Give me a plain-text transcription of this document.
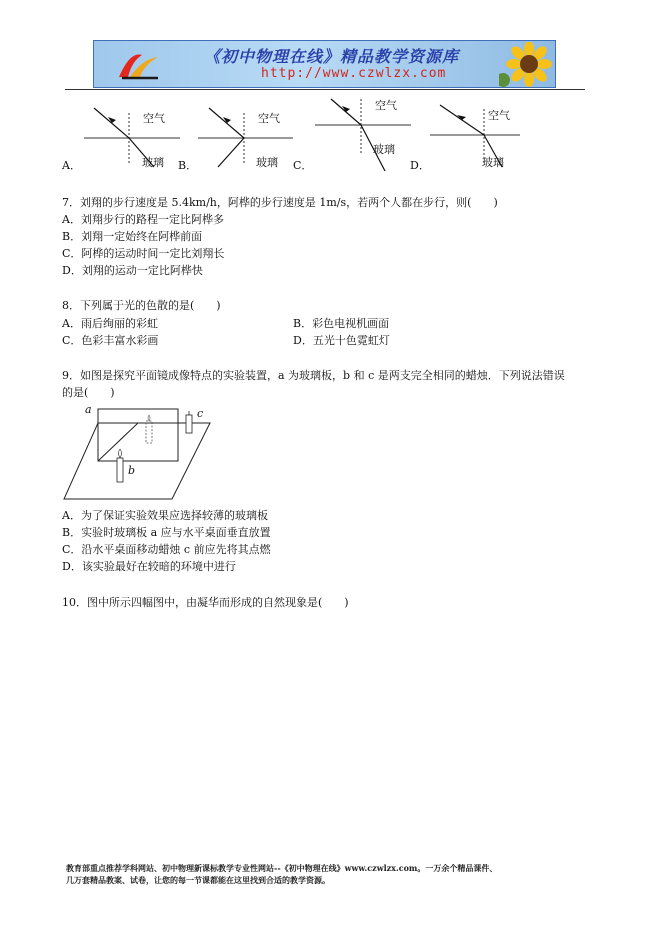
《初中物理在线》精品教学资源库
http://www.czwlzx.com
空气
玻璃
A．
空气
玻璃
B．
空气
玻璃
C．
空气
玻璃
D．
7．刘翔的步行速度是 5.4km/h，阿桦的步行速度是 1m/s，若两个人都在步行，则(　　)
A．刘翔步行的路程一定比阿桦多
B．刘翔一定始终在阿桦前面
C．阿桦的运动时间一定比刘翔长
D．刘翔的运动一定比阿桦快
8．下列属于光的色散的是(　　)
A．雨后绚丽的彩虹	B．彩色电视机画面
C．色彩丰富水彩画	D．五光十色霓虹灯
9．如图是探究平面镜成像特点的实验装置，a 为玻璃板，b 和 c 是两支完全相同的蜡烛．下列说法错误
的是(　　)
a
b
c
A．为了保证实验效果应选择较薄的玻璃板
B．实验时玻璃板 a 应与水平桌面垂直放置
C．沿水平桌面移动蜡烛 c 前应先将其点燃
D．该实验最好在较暗的环境中进行
10．图中所示四幅图中，由凝华而形成的自然现象是(　　)
教育部重点推荐学科网站、初中物理新课标教学专业性网站--《初中物理在线》www.czwlzx.com。一万余个精品课件、
几万套精品教案、试卷，让您的每一节课都能在这里找到合适的教学资源。
